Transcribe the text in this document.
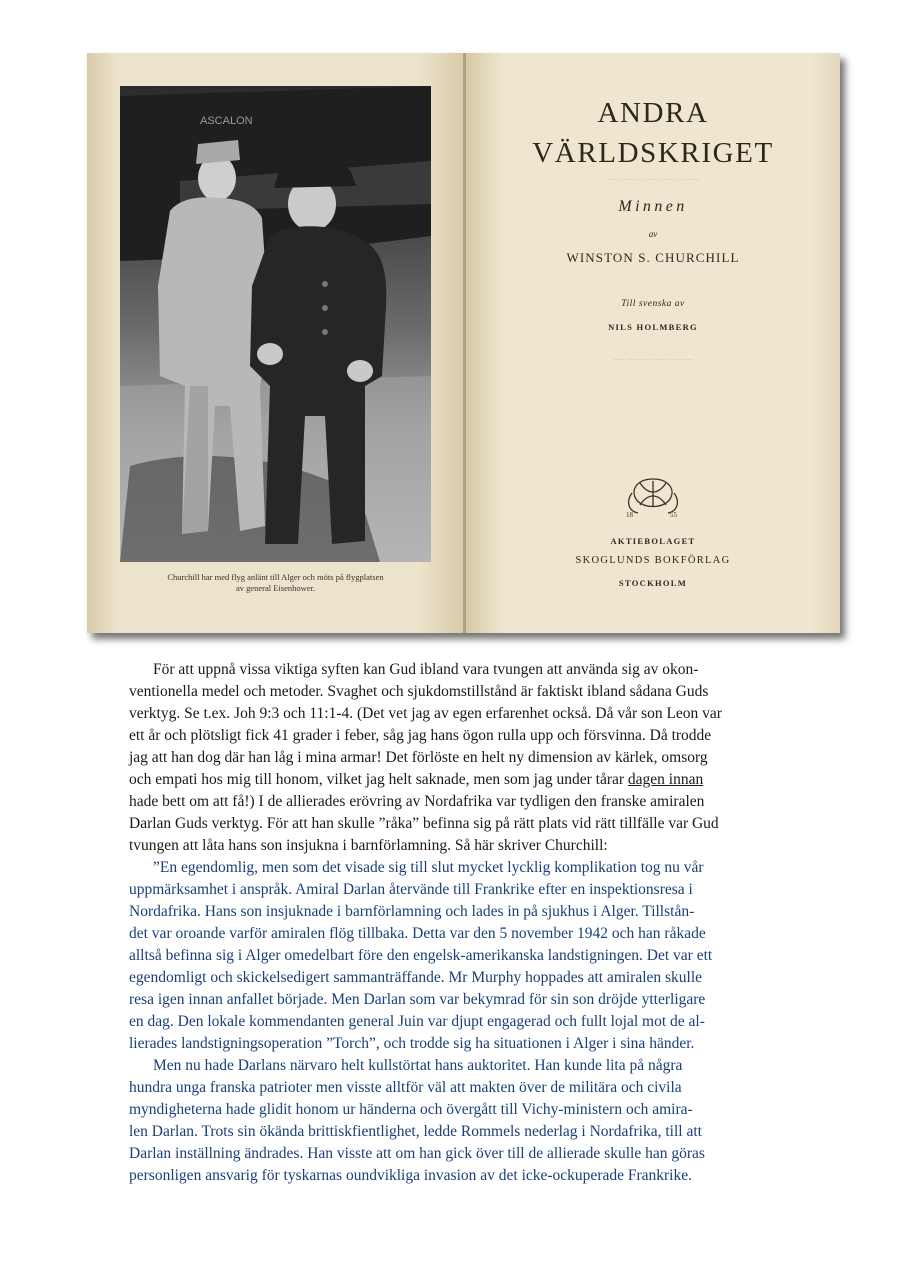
ASCALON
Churchill har med flyg anlänt till Alger och möts på flygplatsen
av general Eisenhower.
— — — — — — —
— — — — — —
ANDRA
VÄRLDSKRIGET
Minnen
av
WINSTON S. CHURCHILL
Till svenska av
NILS HOLMBERG
18	55
AKTIEBOLAGET
SKOGLUNDS BOKFÖRLAG
STOCKHOLM
För att uppnå vissa viktiga syften kan Gud ibland vara tvungen att använda sig av okon-
ventionella medel och metoder. Svaghet och sjukdomstillstånd är faktiskt ibland sådana Guds
verktyg. Se t.ex. Joh 9:3 och 11:1-4. (Det vet jag av egen erfarenhet också. Då vår son Leon var
ett år och plötsligt fick 41 grader i feber, såg jag hans ögon rulla upp och försvinna. Då trodde
jag att han dog där han låg i mina armar! Det förlöste en helt ny dimension av kärlek, omsorg
och empati hos mig till honom, vilket jag helt saknade, men som jag under tårar dagen innan
hade bett om att få!) I de allierades erövring av Nordafrika var tydligen den franske amiralen
Darlan Guds verktyg. För att han skulle ”råka” befinna sig på rätt plats vid rätt tillfälle var Gud
tvungen att låta hans son insjukna i barnförlamning. Så här skriver Churchill:
”En egendomlig, men som det visade sig till slut mycket lycklig komplikation tog nu vår
uppmärksamhet i anspråk. Amiral Darlan återvände till Frankrike efter en inspektionsresa i
Nordafrika. Hans son insjuknade i barnförlamning och lades in på sjukhus i Alger. Tillstån-
det var oroande varför amiralen flög tillbaka. Detta var den 5 november 1942 och han råkade
alltså befinna sig i Alger omedelbart före den engelsk-amerikanska landstigningen. Det var ett
egendomligt och skickelsedigert sammanträffande. Mr Murphy hoppades att amiralen skulle
resa igen innan anfallet började. Men Darlan som var bekymrad för sin son dröjde ytterligare
en dag. Den lokale kommendanten general Juin var djupt engagerad och fullt lojal mot de al-
lierades landstigningsoperation ”Torch”, och trodde sig ha situationen i Alger i sina händer.
Men nu hade Darlans närvaro helt kullstörtat hans auktoritet. Han kunde lita på några
hundra unga franska patrioter men visste alltför väl att makten över de militära och civila
myndigheterna hade glidit honom ur händerna och övergått till Vichy-ministern och amira-
len Darlan. Trots sin ökända brittiskfientlighet, ledde Rommels nederlag i Nordafrika, till att
Darlan inställning ändrades. Han visste att om han gick över till de allierade skulle han göras
personligen ansvarig för tyskarnas oundvikliga invasion av det icke-ockuperade Frankrike.
